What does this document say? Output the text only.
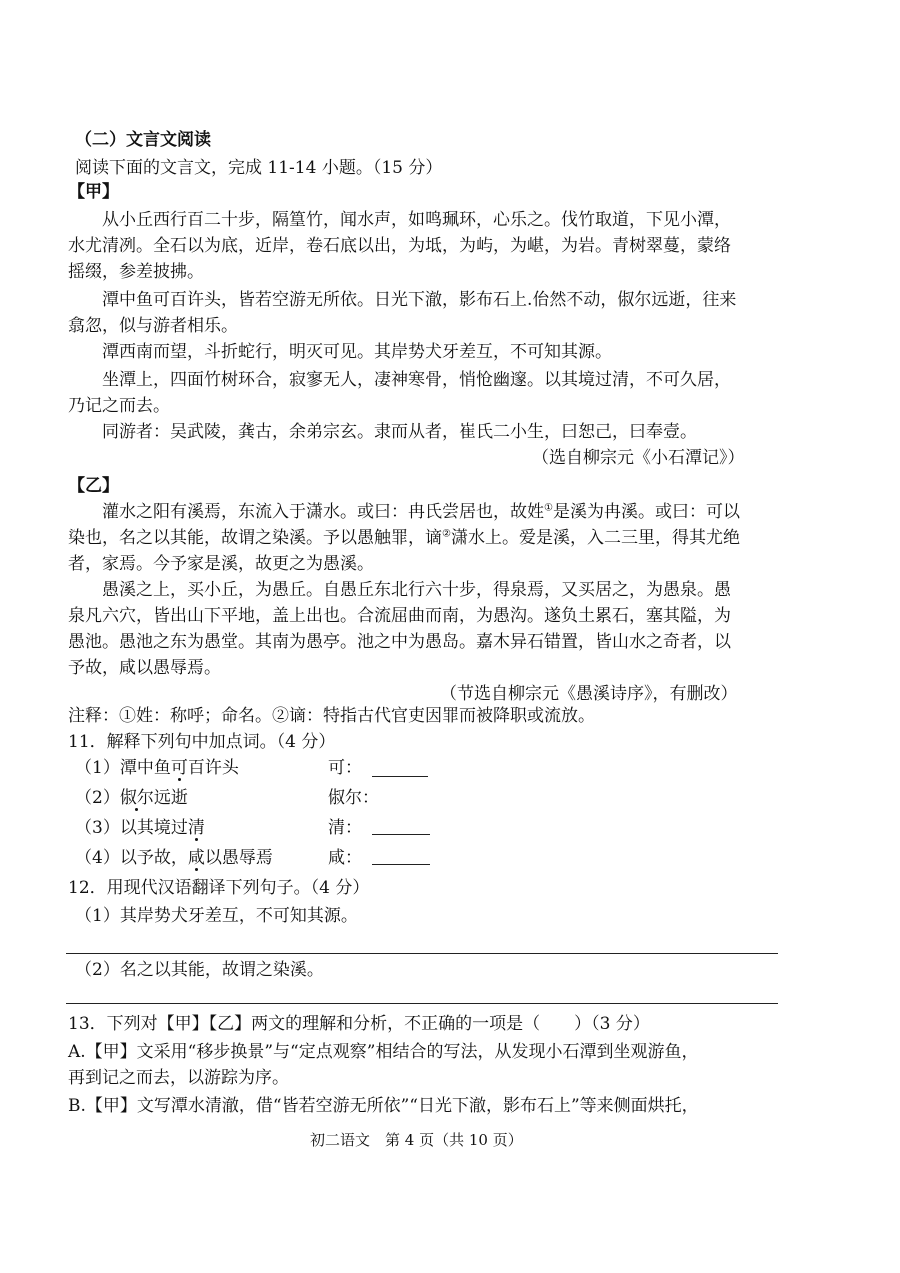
（二）文言文阅读
阅读下面的文言文，完成 11-14 小题。（15 分）
【甲】
从小丘西行百二十步，隔篁竹，闻水声，如鸣珮环，心乐之。伐竹取道，下见小潭，
水尤清冽。全石以为底，近岸，卷石底以出，为坻，为屿，为嵁，为岩。青树翠蔓，蒙络
摇缀，参差披拂。
潭中鱼可百许头，皆若空游无所依。日光下澈，影布石上.佁然不动，俶尔远逝，往来
翕忽，似与游者相乐。
潭西南而望，斗折蛇行，明灭可见。其岸势犬牙差互，不可知其源。
坐潭上，四面竹树环合，寂寥无人，凄神寒骨，悄怆幽邃。以其境过清，不可久居，
乃记之而去。
同游者：吴武陵，龚古，余弟宗玄。隶而从者，崔氏二小生，曰恕己，曰奉壹。
（选自柳宗元《小石潭记》）
【乙】
灌水之阳有溪焉，东流入于潇水。或曰：冉氏尝居也，故姓①是溪为冉溪。或曰：可以
染也，名之以其能，故谓之染溪。予以愚触罪，谪②潇水上。爱是溪，入二三里，得其尤绝
者，家焉。今予家是溪，故更之为愚溪。
愚溪之上，买小丘，为愚丘。自愚丘东北行六十步，得泉焉，又买居之，为愚泉。愚
泉凡六穴，皆出山下平地，盖上出也。合流屈曲而南，为愚沟。遂负土累石，塞其隘，为
愚池。愚池之东为愚堂。其南为愚亭。池之中为愚岛。嘉木异石错置，皆山水之奇者，以
予故，咸以愚辱焉。
（节选自柳宗元《愚溪诗序》，有删改）
注释：①姓：称呼；命名。②谪：特指古代官吏因罪而被降职或流放。
11．解释下列句中加点词。（4 分）
（1）潭中鱼可百许头	可：
（2）俶尔远逝	俶尔：
（3）以其境过清	清：
（4）以予故，咸以愚辱焉	咸：
12．用现代汉语翻译下列句子。（4 分）
（1）其岸势犬牙差互，不可知其源。
（2）名之以其能，故谓之染溪。
13．下列对【甲】【乙】两文的理解和分析，不正确的一项是（　　）（3 分）
A.【甲】文采用“移步换景”与“定点观察”相结合的写法，从发现小石潭到坐观游鱼，
再到记之而去，以游踪为序。
B.【甲】文写潭水清澈，借“皆若空游无所依”“日光下澈，影布石上”等来侧面烘托，
初二语文　第 4 页（共 10 页）
